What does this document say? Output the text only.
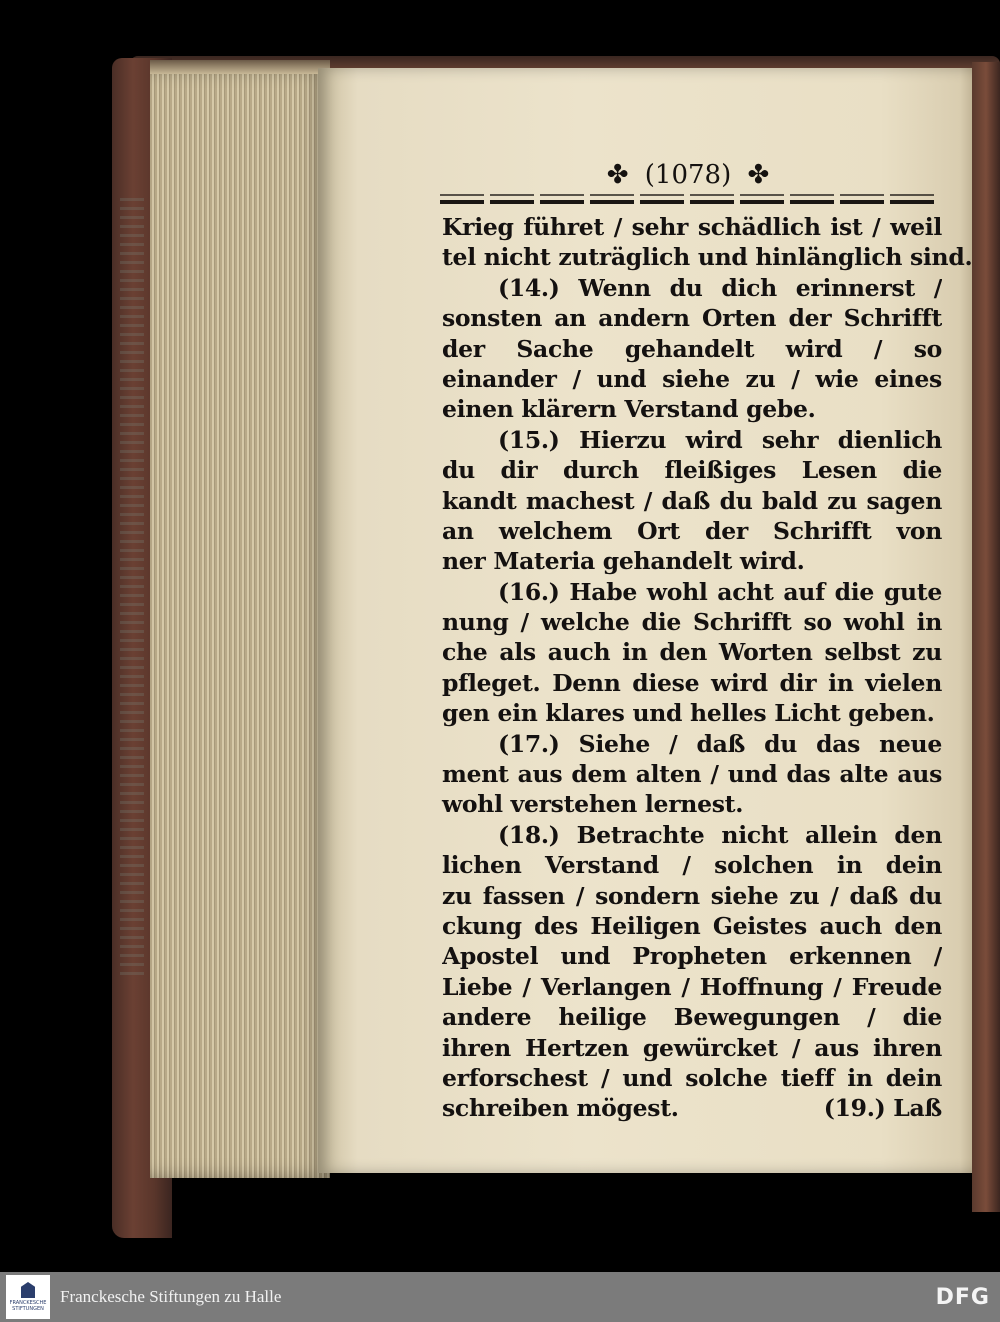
✤ (1078) ✤
Krieg führet / sehr schädlich ist / weil
tel nicht zuträglich und hinlänglich sind.
(14.) Wenn du dich erinnerst /
sonsten an andern Orten der Schrifft
der Sache gehandelt wird / so
einander / und siehe zu / wie eines
einen klärern Verstand gebe.
(15.) Hierzu wird sehr dienlich
du dir durch fleißiges Lesen die
kandt machest / daß du bald zu sagen
an welchem Ort der Schrifft von
ner Materia gehandelt wird.
(16.) Habe wohl acht auf die gute
nung / welche die Schrifft so wohl in
che als auch in den Worten selbst zu
pfleget. Denn diese wird dir in vielen
gen ein klares und helles Licht geben.
(17.) Siehe / daß du das neue
ment aus dem alten / und das alte aus
wohl verstehen lernest.
(18.) Betrachte nicht allein den
lichen Verstand / solchen in dein
zu fassen / sondern siehe zu / daß du
ckung des Heiligen Geistes auch den
Apostel und Propheten erkennen /
Liebe / Verlangen / Hoffnung / Freude
andere heilige Bewegungen / die
ihren Hertzen gewürcket / aus ihren
erforschest / und solche tieff in dein
schreiben mögest.	(19.) Laß
FRANCKESCHE STIFTUNGEN
Franckesche Stiftungen zu Halle	DFG
